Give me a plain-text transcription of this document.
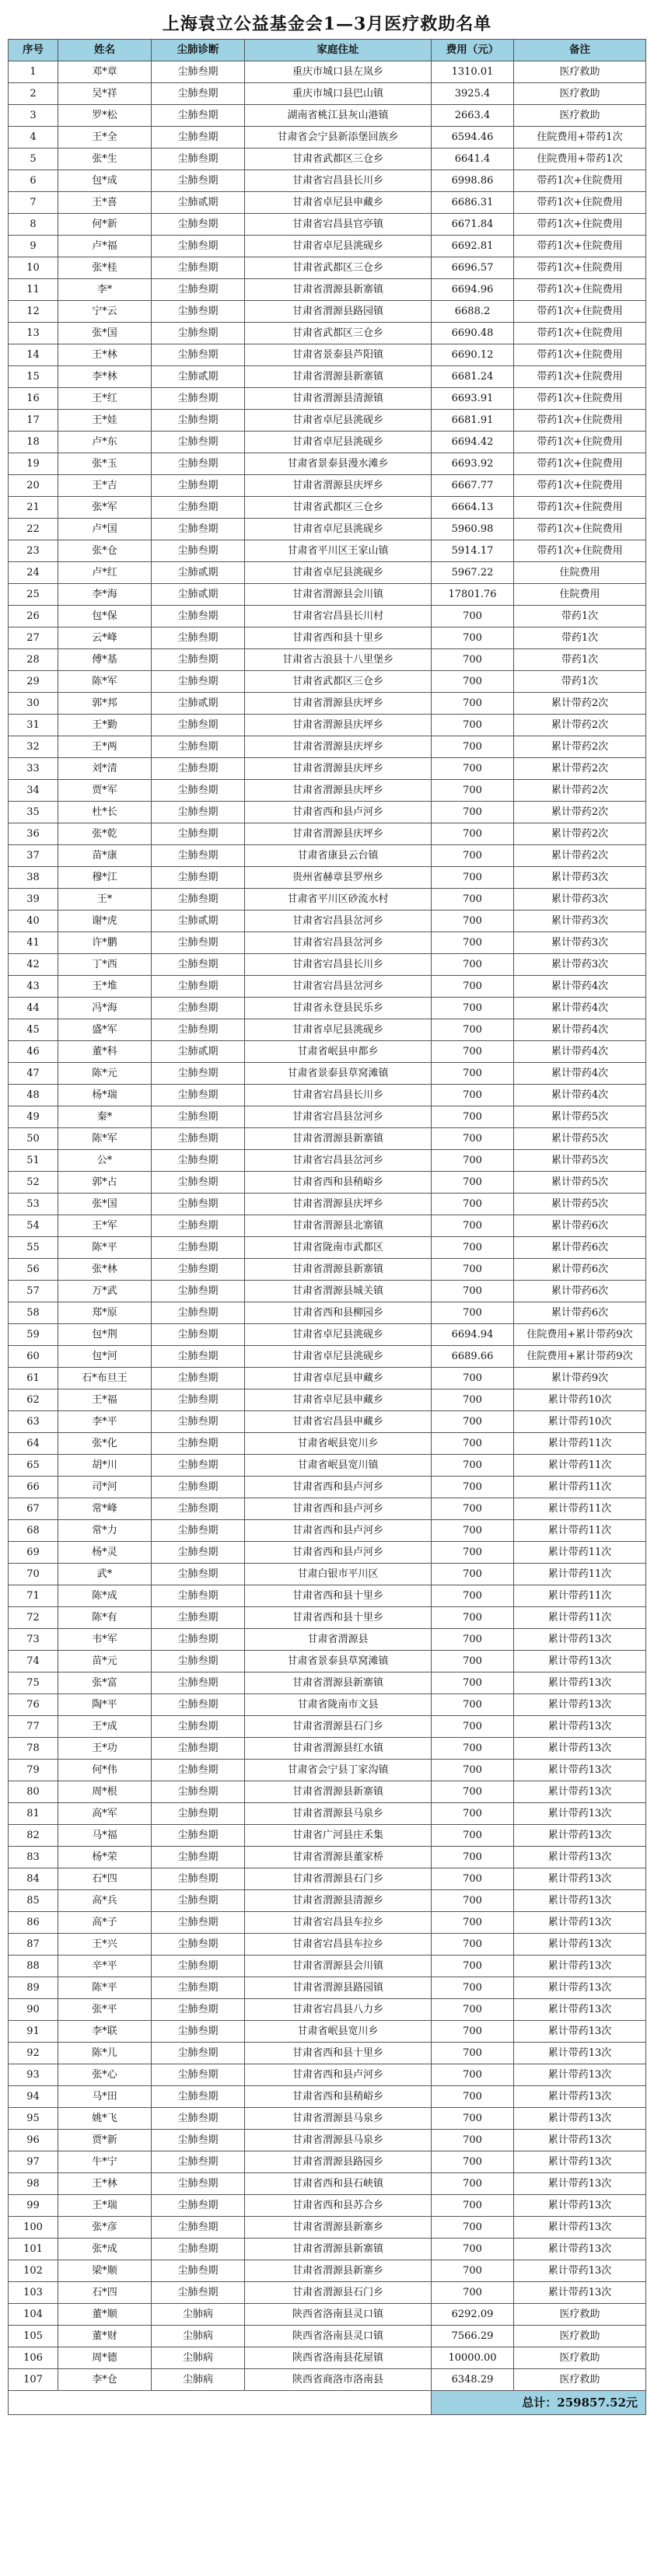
上海袁立公益基金会1—3月医疗救助名单
序号	姓名	尘肺诊断	家庭住址	费用（元）	备注
1	邓*章	尘肺叁期	重庆市城口县左岚乡	1310.01	医疗救助
2	吴*祥	尘肺叁期	重庆市城口县巴山镇	3925.4	医疗救助
3	罗*松	尘肺叁期	湖南省桃江县灰山港镇	2663.4	医疗救助
4	王*全	尘肺叁期	甘肃省会宁县新添堡回族乡	6594.46	住院费用+带药1次
5	张*生	尘肺叁期	甘肃省武都区三仓乡	6641.4	住院费用+带药1次
6	包*成	尘肺叁期	甘肃省宕昌县长川乡	6998.86	带药1次+住院费用
7	王*喜	尘肺贰期	甘肃省卓尼县申藏乡	6686.31	带药1次+住院费用
8	何*新	尘肺叁期	甘肃省宕昌县官亭镇	6671.84	带药1次+住院费用
9	卢*福	尘肺叁期	甘肃省卓尼县洮砚乡	6692.81	带药1次+住院费用
10	张*桂	尘肺叁期	甘肃省武都区三仓乡	6696.57	带药1次+住院费用
11	李*	尘肺叁期	甘肃省渭源县新寨镇	6694.96	带药1次+住院费用
12	宁*云	尘肺叁期	甘肃省渭源县路园镇	6688.2	带药1次+住院费用
13	张*国	尘肺叁期	甘肃省武都区三仓乡	6690.48	带药1次+住院费用
14	王*林	尘肺叁期	甘肃省景泰县芦阳镇	6690.12	带药1次+住院费用
15	李*林	尘肺贰期	甘肃省渭源县新寨镇	6681.24	带药1次+住院费用
16	王*红	尘肺叁期	甘肃省渭源县清源镇	6693.91	带药1次+住院费用
17	王*娃	尘肺叁期	甘肃省卓尼县洮砚乡	6681.91	带药1次+住院费用
18	卢*东	尘肺叁期	甘肃省卓尼县洮砚乡	6694.42	带药1次+住院费用
19	张*玉	尘肺叁期	甘肃省景泰县漫水滩乡	6693.92	带药1次+住院费用
20	王*吉	尘肺叁期	甘肃省渭源县庆坪乡	6667.77	带药1次+住院费用
21	张*军	尘肺叁期	甘肃省武都区三仓乡	6664.13	带药1次+住院费用
22	卢*国	尘肺叁期	甘肃省卓尼县洮砚乡	5960.98	带药1次+住院费用
23	张*仓	尘肺叁期	甘肃省平川区王家山镇	5914.17	带药1次+住院费用
24	卢*红	尘肺贰期	甘肃省卓尼县洮砚乡	5967.22	住院费用
25	李*海	尘肺贰期	甘肃省渭源县会川镇	17801.76	住院费用
26	包*保	尘肺叁期	甘肃省宕昌县长川村	700	带药1次
27	云*峰	尘肺叁期	甘肃省西和县十里乡	700	带药1次
28	傅*基	尘肺叁期	甘肃省古浪县十八里堡乡	700	带药1次
29	陈*军	尘肺叁期	甘肃省武都区三仓乡	700	带药1次
30	郭*邦	尘肺贰期	甘肃省渭源县庆坪乡	700	累计带药2次
31	王*勤	尘肺叁期	甘肃省渭源县庆坪乡	700	累计带药2次
32	王*两	尘肺叁期	甘肃省渭源县庆坪乡	700	累计带药2次
33	刘*清	尘肺叁期	甘肃省渭源县庆坪乡	700	累计带药2次
34	贾*军	尘肺叁期	甘肃省渭源县庆坪乡	700	累计带药2次
35	杜*长	尘肺叁期	甘肃省西和县卢河乡	700	累计带药2次
36	张*乾	尘肺叁期	甘肃省渭源县庆坪乡	700	累计带药2次
37	苗*康	尘肺叁期	甘肃省康县云台镇	700	累计带药2次
38	穆*江	尘肺叁期	贵州省赫章县罗州乡	700	累计带药3次
39	王*	尘肺叁期	甘肃省平川区砂流水村	700	累计带药3次
40	谢*虎	尘肺贰期	甘肃省宕昌县岔河乡	700	累计带药3次
41	许*鹏	尘肺叁期	甘肃省宕昌县岔河乡	700	累计带药3次
42	丁*西	尘肺叁期	甘肃省宕昌县长川乡	700	累计带药3次
43	王*堆	尘肺叁期	甘肃省宕昌县岔河乡	700	累计带药4次
44	冯*海	尘肺叁期	甘肃省永登县民乐乡	700	累计带药4次
45	盛*军	尘肺叁期	甘肃省卓尼县洮砚乡	700	累计带药4次
46	董*科	尘肺贰期	甘肃省岷县申都乡	700	累计带药4次
47	陈*元	尘肺叁期	甘肃省景泰县草窝滩镇	700	累计带药4次
48	杨*瑞	尘肺叁期	甘肃省宕昌县长川乡	700	累计带药4次
49	秦*	尘肺叁期	甘肃省宕昌县岔河乡	700	累计带药5次
50	陈*军	尘肺叁期	甘肃省渭源县新寨镇	700	累计带药5次
51	公*	尘肺叁期	甘肃省宕昌县岔河乡	700	累计带药5次
52	郭*占	尘肺叁期	甘肃省西和县稍峪乡	700	累计带药5次
53	张*国	尘肺叁期	甘肃省渭源县庆坪乡	700	累计带药5次
54	王*军	尘肺叁期	甘肃省渭源县北寨镇	700	累计带药6次
55	陈*平	尘肺叁期	甘肃省陇南市武都区	700	累计带药6次
56	张*林	尘肺叁期	甘肃省渭源县新寨镇	700	累计带药6次
57	万*武	尘肺叁期	甘肃省渭源县城关镇	700	累计带药6次
58	郑*原	尘肺叁期	甘肃省西和县柳园乡	700	累计带药6次
59	包*荆	尘肺叁期	甘肃省卓尼县洮砚乡	6694.94	住院费用+累计带药9次
60	包*河	尘肺叁期	甘肃省卓尼县洮砚乡	6689.66	住院费用+累计带药9次
61	石*布旦王	尘肺叁期	甘肃省卓尼县申藏乡	700	累计带药9次
62	王*福	尘肺叁期	甘肃省卓尼县申藏乡	700	累计带药10次
63	李*平	尘肺叁期	甘肃省宕昌县申藏乡	700	累计带药10次
64	张*化	尘肺叁期	甘肃省岷县宽川乡	700	累计带药11次
65	胡*川	尘肺叁期	甘肃省岷县宽川镇	700	累计带药11次
66	司*河	尘肺叁期	甘肃省西和县卢河乡	700	累计带药11次
67	常*峰	尘肺叁期	甘肃省西和县卢河乡	700	累计带药11次
68	常*力	尘肺叁期	甘肃省西和县卢河乡	700	累计带药11次
69	杨*灵	尘肺叁期	甘肃省西和县卢河乡	700	累计带药11次
70	武*	尘肺叁期	甘肃白银市平川区	700	累计带药11次
71	陈*成	尘肺叁期	甘肃省西和县十里乡	700	累计带药11次
72	陈*有	尘肺叁期	甘肃省西和县十里乡	700	累计带药11次
73	韦*军	尘肺叁期	甘肃省渭源县	700	累计带药13次
74	苗*元	尘肺叁期	甘肃省景泰县草窝滩镇	700	累计带药13次
75	张*富	尘肺叁期	甘肃省渭源县新寨镇	700	累计带药13次
76	陶*平	尘肺叁期	甘肃省陇南市文县	700	累计带药13次
77	王*成	尘肺叁期	甘肃省渭源县石门乡	700	累计带药13次
78	王*功	尘肺叁期	甘肃省渭源县红水镇	700	累计带药13次
79	何*伟	尘肺叁期	甘肃省会宁县丁家沟镇	700	累计带药13次
80	周*根	尘肺叁期	甘肃省渭源县新寨镇	700	累计带药13次
81	高*军	尘肺叁期	甘肃省渭源县马泉乡	700	累计带药13次
82	马*福	尘肺叁期	甘肃省广河县庄禾集	700	累计带药13次
83	杨*荣	尘肺叁期	甘肃省渭源县董家桥	700	累计带药13次
84	石*四	尘肺叁期	甘肃省渭源县石门乡	700	累计带药13次
85	高*兵	尘肺叁期	甘肃省渭源县清源乡	700	累计带药13次
86	高*子	尘肺叁期	甘肃省宕昌县车拉乡	700	累计带药13次
87	王*兴	尘肺叁期	甘肃省宕昌县车拉乡	700	累计带药13次
88	辛*平	尘肺叁期	甘肃省渭源县会川镇	700	累计带药13次
89	陈*平	尘肺叁期	甘肃省渭源县路园镇	700	累计带药13次
90	张*平	尘肺叁期	甘肃省宕昌县八力乡	700	累计带药13次
91	李*联	尘肺叁期	甘肃省岷县宽川乡	700	累计带药13次
92	陈*儿	尘肺叁期	甘肃省西和县十里乡	700	累计带药13次
93	张*心	尘肺叁期	甘肃省西和县卢河乡	700	累计带药13次
94	马*田	尘肺叁期	甘肃省西和县稍峪乡	700	累计带药13次
95	姚*飞	尘肺叁期	甘肃省渭源县马泉乡	700	累计带药13次
96	贾*新	尘肺叁期	甘肃省渭源县马泉乡	700	累计带药13次
97	牛*宁	尘肺叁期	甘肃省渭源县路园乡	700	累计带药13次
98	王*林	尘肺叁期	甘肃省西和县石峡镇	700	累计带药13次
99	王*瑞	尘肺叁期	甘肃省西和县苏合乡	700	累计带药13次
100	张*彦	尘肺叁期	甘肃省渭源县新寨乡	700	累计带药13次
101	张*成	尘肺叁期	甘肃省渭源县新寨镇	700	累计带药13次
102	梁*顺	尘肺叁期	甘肃省渭源县新寨乡	700	累计带药13次
103	石*四	尘肺叁期	甘肃省渭源县石门乡	700	累计带药13次
104	董*顺	尘肺病	陕西省洛南县灵口镇	6292.09	医疗救助
105	董*财	尘肺病	陕西省洛南县灵口镇	7566.29	医疗救助
106	周*德	尘肺病	陕西省洛南县花屋镇	10000.00	医疗救助
107	李*仓	尘肺病	陕西省商洛市洛南县	6348.29	医疗救助
				总计：259857.52元	
